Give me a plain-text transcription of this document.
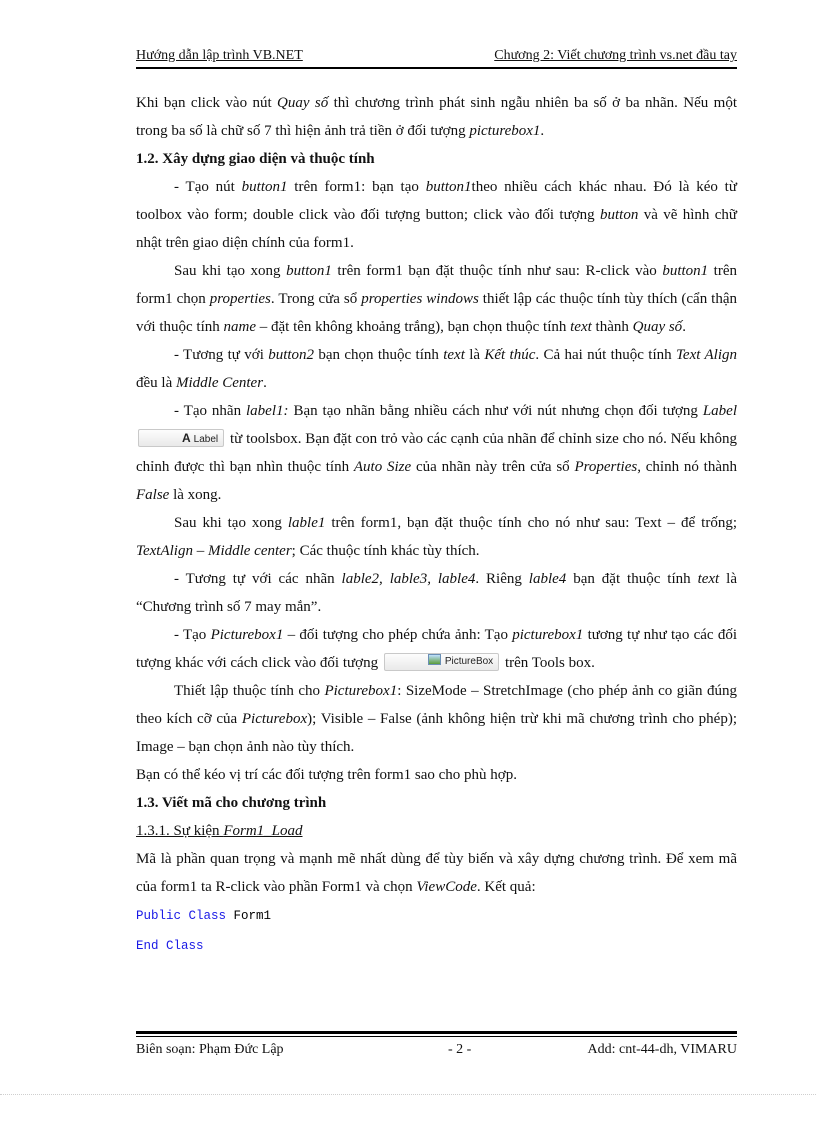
Hướng dẫn lập trình VB.NET	Chương 2: Viết chương trình vs.net đầu tay

Khi bạn click vào nút Quay số thì chương trình phát sinh ngẫu nhiên ba số ở ba nhãn. Nếu một trong ba số là chữ số 7 thì hiện ảnh trả tiền ở đối tượng picturebox1.

1.2. Xây dựng giao diện và thuộc tính

- Tạo nút button1 trên form1: bạn tạo button1theo nhiều cách khác nhau. Đó là kéo từ toolbox vào form; double click vào đối tượng button; click vào đối tượng button và vẽ hình chữ nhật trên giao diện chính của form1.

Sau khi tạo xong button1 trên form1 bạn đặt thuộc tính như sau: R-click vào button1 trên form1 chọn properties. Trong cửa sổ properties windows thiết lập các thuộc tính tùy thích (cẩn thận với thuộc tính name – đặt tên không khoảng trắng), bạn chọn thuộc tính text thành Quay số.

- Tương tự với button2 bạn chọn thuộc tính text là Kết thúc. Cả hai nút thuộc tính Text Align đều là Middle Center.

- Tạo nhãn label1: Bạn tạo nhãn bằng nhiều cách như với nút nhưng chọn đối tượng Label A Label từ toolsbox. Bạn đặt con trỏ vào các cạnh của nhãn để chỉnh size cho nó. Nếu không chỉnh được thì bạn nhìn thuộc tính Auto Size của nhãn này trên cửa sổ Properties, chỉnh nó thành False là xong.

Sau khi tạo xong lable1 trên form1, bạn đặt thuộc tính cho nó như sau: Text – để trống; TextAlign – Middle center; Các thuộc tính khác tùy thích.

- Tương tự với các nhãn lable2, lable3, lable4. Riêng lable4 bạn đặt thuộc tính text là “Chương trình số 7 may mắn”.

- Tạo Picturebox1 – đối tượng cho phép chứa ảnh: Tạo picturebox1 tương tự như tạo các đối tượng khác với cách click vào đối tượng	PictureBox trên Tools box.

Thiết lập thuộc tính cho Picturebox1: SizeMode – StretchImage (cho phép ảnh co giãn đúng theo kích cỡ của Picturebox); Visible – False (ảnh không hiện trừ khi mã chương trình cho phép); Image – bạn chọn ảnh nào tùy thích.

Bạn có thể kéo vị trí các đối tượng trên form1 sao cho phù hợp.

1.3. Viết mã cho chương trình

1.3.1. Sự kiện Form1_Load

Mã là phần quan trọng và mạnh mẽ nhất dùng để tùy biến và xây dựng chương trình. Để xem mã của form1 ta R-click vào phần Form1 và chọn ViewCode. Kết quả:

Public Class Form1

End Class

Biên soạn: Phạm Đức Lập	- 2 -	Add: cnt-44-dh, VIMARU
